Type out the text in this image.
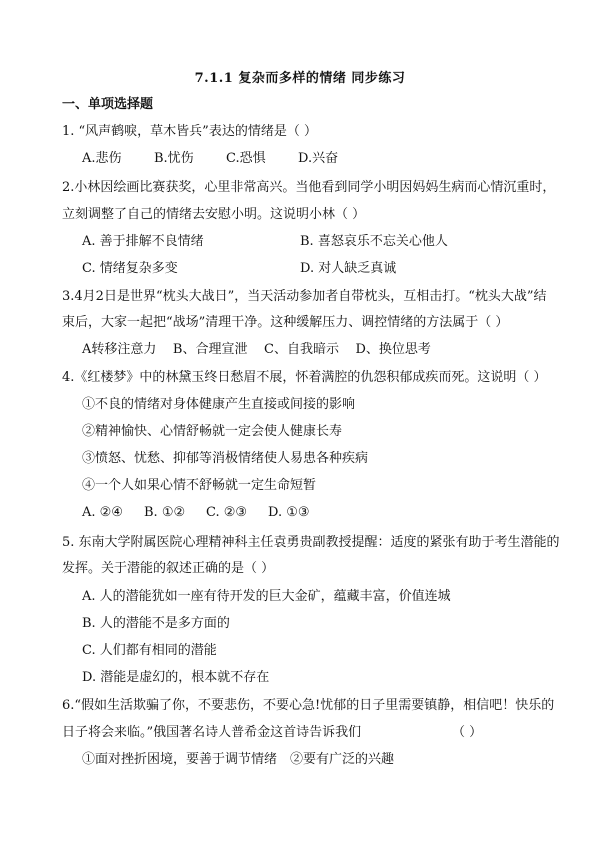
7.1.1 复杂而多样的情绪 同步练习
一、单项选择题
1. “风声鹤唳，草木皆兵”表达的情绪是（ ）
A.悲伤	B.忧伤	C.恐惧	D.兴奋
2.小林因绘画比赛获奖，心里非常高兴。当他看到同学小明因妈妈生病而心情沉重时，
立刻调整了自己的情绪去安慰小明。这说明小林（ ）
A. 善于排解不良情绪	B. 喜怒哀乐不忘关心他人
C. 情绪复杂多变	D. 对人缺乏真诚
3.4月2日是世界“枕头大战日”，当天活动参加者自带枕头，互相击打。“枕头大战”结
束后，大家一起把“战场”清理干净。这种缓解压力、调控情绪的方法属于（ ）
A转移注意力    B、合理宣泄    C、自我暗示    D、换位思考
4.《红楼梦》中的林黛玉终日愁眉不展，怀着满腔的仇怨积郁成疾而死。这说明（ ）
①不良的情绪对身体健康产生直接或间接的影响
②精神愉快、心情舒畅就一定会使人健康长寿
③愤怒、忧愁、抑郁等消极情绪使人易患各种疾病
④一个人如果心情不舒畅就一定生命短暂
A. ②④	B. ①②	C. ②③	D. ①③
5. 东南大学附属医院心理精神科主任袁勇贵副教授提醒：适度的紧张有助于考生潜能的
发挥。关于潜能的叙述正确的是（ ）
A. 人的潜能犹如一座有待开发的巨大金矿，蕴藏丰富，价值连城
B. 人的潜能不是多方面的
C. 人们都有相同的潜能
D. 潜能是虚幻的，根本就不存在
6.“假如生活欺骗了你，不要悲伤，不要心急!忧郁的日子里需要镇静，相信吧！快乐的
日子将会来临。”俄国著名诗人普希金这首诗告诉我们	（ ）
①面对挫折困境，要善于调节情绪 ②要有广泛的兴趣
